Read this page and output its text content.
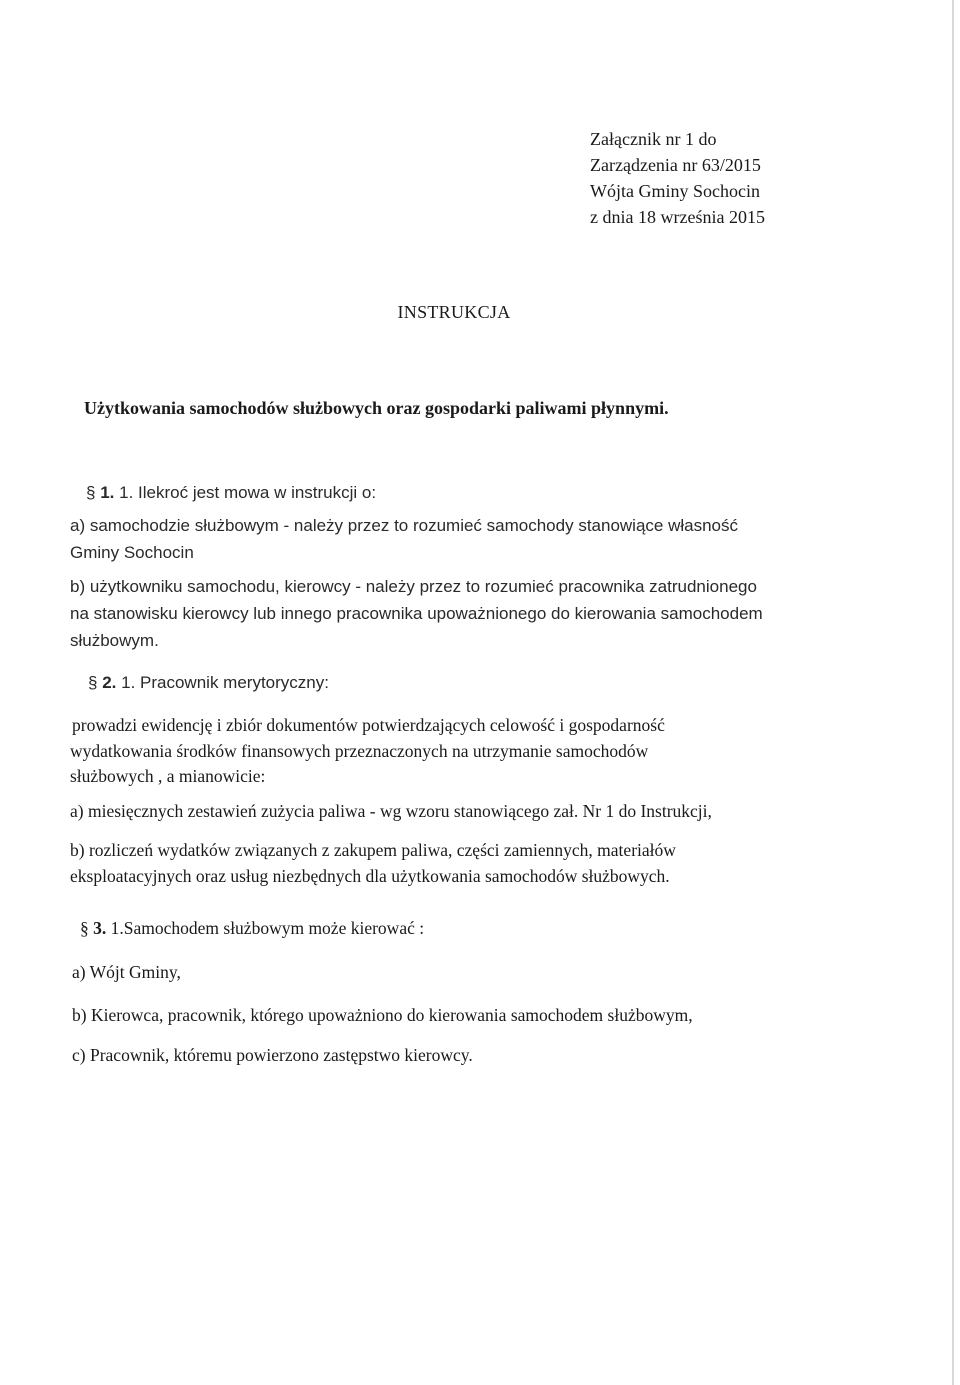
Załącznik nr 1 do
Zarządzenia nr 63/2015
Wójta Gminy Sochocin
z dnia 18 września 2015
INSTRUKCJA
Użytkowania samochodów służbowych oraz gospodarki paliwami płynnymi.
§ 1. 1. Ilekroć jest mowa w instrukcji o:
a) samochodzie służbowym - należy przez to rozumieć samochody stanowiące własność
Gminy Sochocin
b) użytkowniku samochodu, kierowcy - należy przez to rozumieć pracownika zatrudnionego
na stanowisku kierowcy lub innego pracownika upoważnionego do kierowania samochodem
służbowym.
§ 2. 1. Pracownik merytoryczny:
prowadzi ewidencję i zbiór dokumentów potwierdzających celowość i gospodarność
wydatkowania środków finansowych przeznaczonych na utrzymanie samochodów
służbowych , a mianowicie:
a) miesięcznych zestawień zużycia paliwa - wg wzoru stanowiącego zał. Nr 1 do Instrukcji,
b) rozliczeń wydatków związanych z zakupem paliwa, części zamiennych, materiałów
eksploatacyjnych oraz usług niezbędnych dla użytkowania samochodów służbowych.
§ 3. 1.Samochodem służbowym może kierować :
a) Wójt Gminy,
b) Kierowca, pracownik, którego upoważniono do kierowania samochodem służbowym,
c) Pracownik, któremu powierzono zastępstwo kierowcy.
